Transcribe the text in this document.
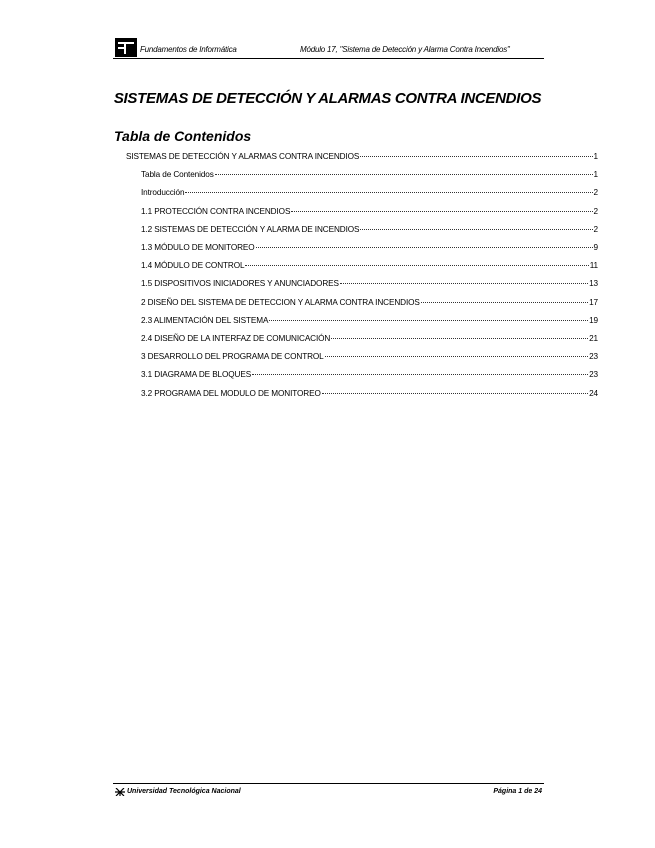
Fundamentos de Informática	Módulo 17, "Sistema de Detección y Alarma Contra Incendios"
SISTEMAS DE DETECCIÓN Y ALARMAS CONTRA INCENDIOS
Tabla de Contenidos
SISTEMAS DE DETECCIÓN Y ALARMAS CONTRA INCENDIOS	1
Tabla de Contenidos	1
Introducción	2
1.1 PROTECCIÓN CONTRA INCENDIOS	2
1.2 SISTEMAS DE DETECCIÓN Y ALARMA DE INCENDIOS	2
1.3 MÓDULO DE MONITOREO	9
1.4 MÓDULO DE CONTROL	11
1.5 DISPOSITIVOS INICIADORES Y ANUNCIADORES	13
2 DISEÑO DEL SISTEMA DE DETECCION Y ALARMA CONTRA INCENDIOS	17
2.3 ALIMENTACIÓN DEL SISTEMA	19
2.4 DISEÑO DE LA INTERFAZ DE COMUNICACIÓN	21
3 DESARROLLO DEL PROGRAMA DE CONTROL	23
3.1 DIAGRAMA DE BLOQUES	23
3.2 PROGRAMA DEL MODULO DE MONITOREO	24
Universidad Tecnológica Nacional	Página 1 de 24
